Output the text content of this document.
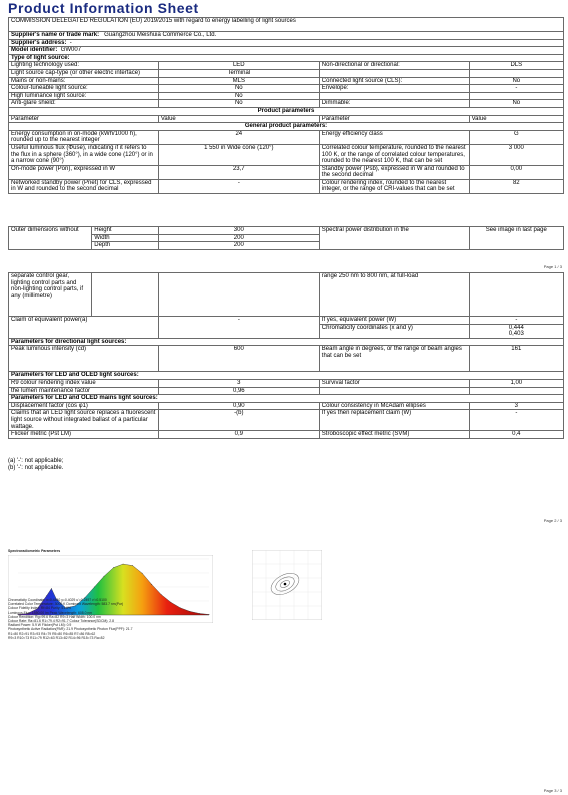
Product Information Sheet
COMMISSION DELEGATED REGULATION (EU) 2019/2015 with regard to energy labelling of light sources			
Supplier's name or trade mark: Guangzhou Meishuia Commerce Co., Ltd.			
Supplier's address: -			
Model identifier: GW007			
Type of light source:			
Lighting technology used:	LED	Non-directional or directional:	DLS
Light source cap-type (or other electric interface)	Terminal		
Mains or non-mains:	MLS	Connected light source (CLS):	No
Colour-tuneable light source:	No	Envelope:	-
High luminance light source:	No		
Anti-glare shield:	No	Dimmable:	No
Product parameters			
Parameter	Value	Parameter	Value
General product parameters:			
Energy consumption in on-mode (kWh/1000 h), rounded up to the nearest integer	24	Energy efficiency class	G
Useful luminous flux (Φuse), indicating if it refers to the flux in a sphere (360°), in a wide cone (120°) or in a narrow cone (90°)	1 550 in Wide cone (120°)	Correlated colour temperature, rounded to the nearest 100 K, or the range of correlated colour temperatures, rounded to the nearest 100 K, that can be set	3 000
On-mode power (Pon), expressed in W	23,7	Standby power (Psb), expressed in W and rounded to the second decimal	0,00
Networked standby power (Pnet) for CLS, expressed in W and rounded to the second decimal	-	Colour rendering index, rounded to the nearest integer, or the range of CRI-values that can be set	82
Outer dimensions without	Height	300	Spectral power distribution in the	See image in last page
	Width	200		
	Depth	200		
Page 1 / 3
separate control gear, lighting control parts and non-lighting control parts, if any (millimetre)			range 250 nm to 800 nm, at full-load	
Claim of equivalent power(a)	-	If yes, equivalent power (W)	-
		Chromaticity coordinates (x and y)	0,444
0,403
Parameters for directional light sources:			
Peak luminous intensity (cd)	600	Beam angle in degrees, or the range of beam angles that can be set	161
Parameters for LED and OLED light sources:			
R9 colour rendering index value	3	Survival factor	1,00
the lumen maintenance factor	0,96		
Parameters for LED and OLED mains light sources:			
Displacement factor (cos φ1)	0,90	Colour consistency in McAdam ellipses	3
Claims that an LED light source replaces a fluorescent light source without integrated ballast of a particular wattage.	-(b)	If yes then replacement claim (W)	-
Flicker metric (Pst LM)	0,9	Stroboscopic effect metric (SVM)	0,4
(a) '-': not applicable;
(b) '-': not applicable.
Page 2 / 3
Spectroradiometric Parameters
Chromaticity Coordinate: x=0.4440 y=0.4029 u'=0.2497 v'=0.5100
Correlated Color Temperature: 3000 K Dominant Wavelength: 583.7 nm(Pur)
Colour Fidelity Index: Rf=84 Purity: 51.6%
Luminous Flux: 1550.00 lm Peak Wavelength: 608.0 nm
Colour Rendition: Rg=99.6 Ra=82 R9=3 Half Width: 100.0 nm
Colour Rate: Ra=81.6 R1=79.4 R2=91.7 Colour Tolerance(SDCM): 2.8
Radiant Power: 5.9 W Flicker(Pst LM): 0.9
Photosynthetic Active Radiation(PAR): 21.9 Photosynthetic Photon Flux(PPF): 21.7
R1=80 R2=91 R3=93 R4=79 R5=80 R6=85 R7=86 R8=62
R9=3 R10=73 R11=79 R12=63 R13=82 R14=96 R15=73 Ra=82
Page 3 / 3
